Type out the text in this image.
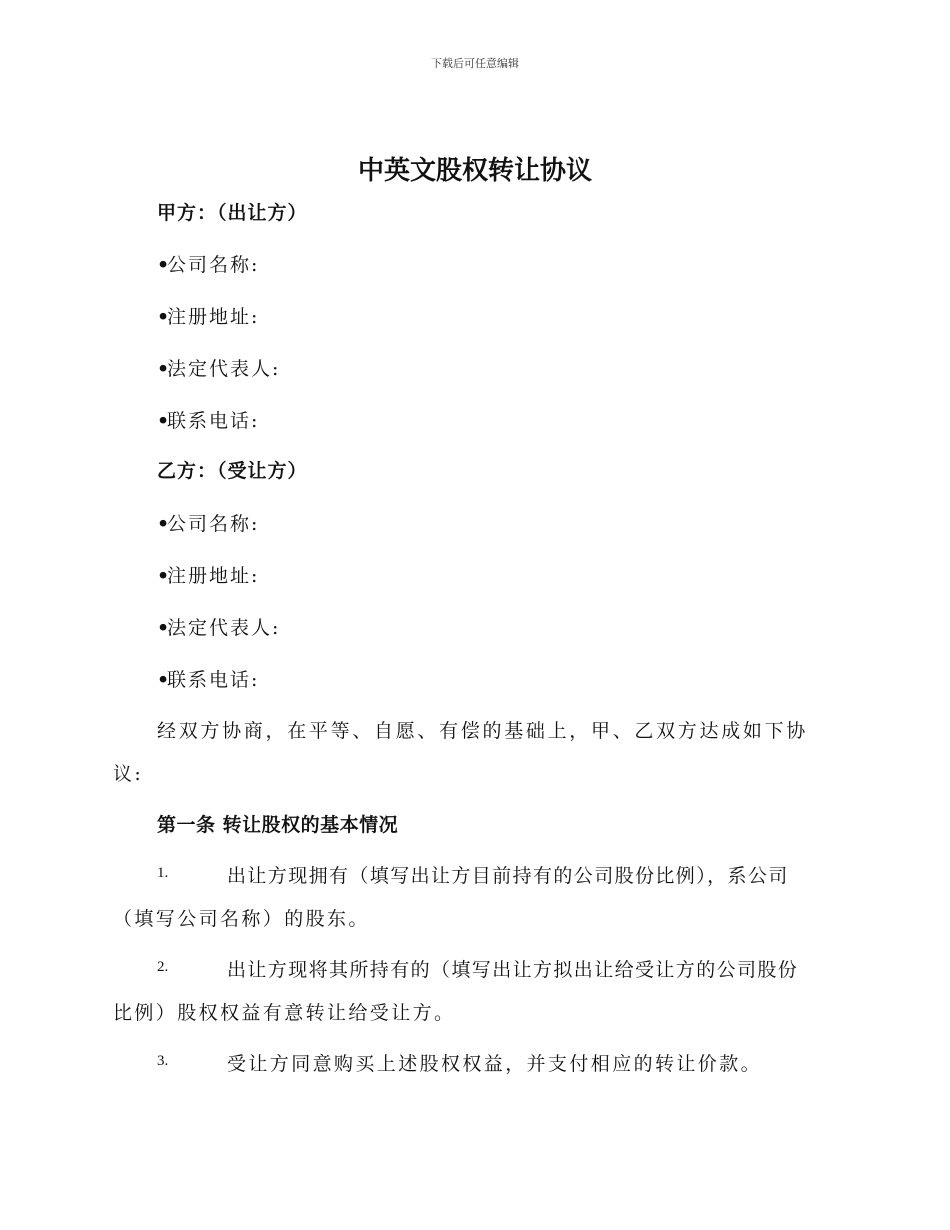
下载后可任意编辑
中英文股权转让协议
甲方：（出让方）
•公司名称:
•注册地址:
•法定代表人:
•联系电话:
乙方：（受让方）
•公司名称:
•注册地址:
•法定代表人:
•联系电话:
经双方协商，在平等、自愿、有偿的基础上，甲、乙双方达成如下协
议:
第一条 转让股权的基本情况
1.	出让方现拥有（填写出让方目前持有的公司股份比例），系公司
（填写公司名称）的股东。
2.	出让方现将其所持有的（填写出让方拟出让给受让方的公司股份
比例）股权权益有意转让给受让方。
3.	受让方同意购买上述股权权益，并支付相应的转让价款。
